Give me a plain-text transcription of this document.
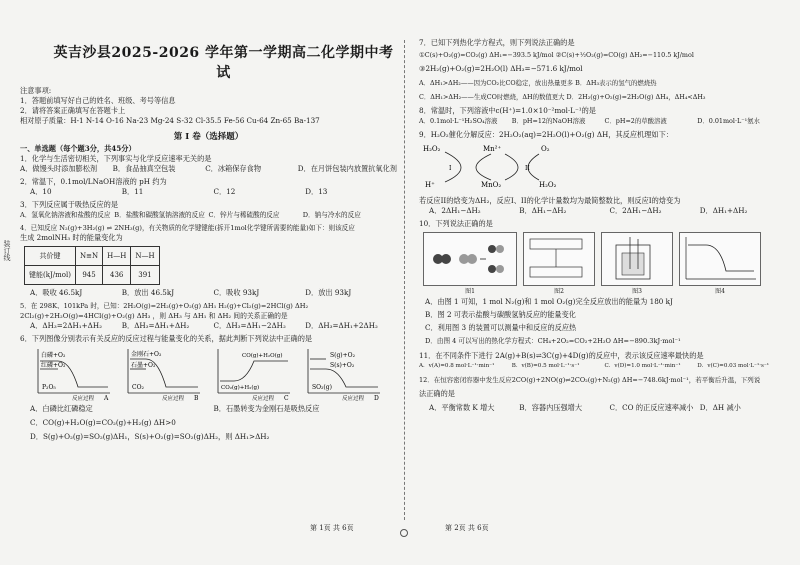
英吉沙县2025-2026 学年第一学期高二化学期中考试
注意事项:
1．答题前填写好自己的姓名、班级、考号等信息
2．请将答案正确填写在答题卡上
相对原子质量：H-1 N-14 O-16 Na-23 Mg-24 S-32 Cl-35.5 Fe-56 Cu-64 Zn-65 Ba-137
第 I 卷（选择题）
一、单选题（每个题3分，共45分）
1．化学与生活密切相关，下列事实与化学反应速率无关的是
A．做馒头时添加膨松剂	B．食品抽真空包装	C．冰箱保存食物	D．在月饼包装内放置抗氧化剂
2．常温下，0.1mol/LNaOH溶液的 pH 约为
A．10	B．11	C．12	D．13
3．下列反应属于吸热反应的是
A．氢氧化钠溶液和盐酸的反应 B．盐酸和碳酸氢钠溶液的反应 C．锌片与稀硫酸的反应	D．钠与冷水的反应
4．已知反应 N₂(g)+3H₂(g) ⇌ 2NH₃(g)，有关物质的化学键键能(拆开1mol化学键所需要的能量)如下：则该反应
生成 2molNH₃ 时的能量变化为
共价键	N≡N	H—H	N—H
键能(kJ/mol)	945	436	391
A．吸收 46.5kJ	B．放出 46.5kJ	C．吸收 93kJ	D．放出 93kJ
5．在 298K、101kPa 时，已知：2H₂O(g)=2H₂(g)+O₂(g) ΔH₁ H₂(g)+Cl₂(g)=2HCl(g) ΔH₂
2Cl₂(g)+2H₂O(g)=4HCl(g)+O₂(g) ΔH₃ ，则 ΔH₃ 与 ΔH₁ 和 ΔH₂ 间的关系正确的是
A．ΔH₃=2ΔH₁+ΔH₂	B．ΔH₃=ΔH₁+ΔH₂	C．ΔH₃=ΔH₁−2ΔH₂	D．ΔH₃=ΔH₁+2ΔH₂
6．下列图像分别表示有关反应的反应过程与能量变化的关系，据此判断下列说法中正确的是
白磷+O₂
红磷+O₂
P₂O₅
反应过程 A
金刚石+O₂
石墨+O₂
CO₂
反应过程 B
CO(g)+H₂O(g)
CO₂(g)+H₂(g)
反应过程 C
S(g)+O₂
S(s)+O₂
SO₂(g)
反应过程 D
A．白磷比红磷稳定	B．石墨转变为金刚石是吸热反应
C．CO(g)+H₂O(g)=CO₂(g)+H₂(g) ΔH>0
D．S(g)+O₂(g)=SO₂(g)ΔH₁，S(s)+O₂(g)=SO₂(g)ΔH₂，则 ΔH₁>ΔH₂
第 1页 共 6页
装订线
7．已知下列热化学方程式，则下列说法正确的是
①C(s)+O₂(g)=CO₂(g) ΔH₁=−393.5 kJ/mol ②C(s)+½O₂(g)=CO(g) ΔH₂=−110.5 kJ/mol
③2H₂(g)+O₂(g)=2H₂O(l) ΔH₃=−571.6 kJ/mol
A．ΔH₁>ΔH₂——因为CO₂比CO稳定，放出热量更多 B．ΔH₃表示的氢气的燃烧热
C．ΔH₁>ΔH₂——生成CO时燃烧，ΔH的数值更大 D．2H₂(g)+O₂(g)=2H₂O(g) ΔH₄，ΔH₄<ΔH₃
8．常温时，下列溶液中c(H⁺)=1.0×10⁻²mol·L⁻¹的是
A．0.1mol·L⁻¹H₂SO₄溶液	B．pH=12的NaOH溶液	C．pH=2的草酸溶液	D．0.01mol·L⁻¹氨水
9．H₂O₂催化分解反应：2H₂O₂(aq)=2H₂O(l)+O₂(g) ΔH，其反应机理如下：
H₂O₂	Mn²⁺	O₂
H⁺	MnO₂	H₂O₂
I	II
若反应II的焓变为ΔH₂，反应I、II的化学计量数均为最简整数比，则反应I的焓变为
A．2ΔH₁−ΔH₂	B．ΔH₁−ΔH₂	C．2ΔH₁−ΔH₂	D．ΔH₁+ΔH₂
10．下列说法正确的是
图1	图2	图3	图4
A．由图 1 可知，1 mol N₂(g)和 1 mol O₂(g)完全反应放出的能量为 180 kJ
B．图 2 可表示盐酸与碳酸氢钠反应的能量变化
C．利用图 3 的装置可以测量中和反应的反应热
D．由图 4 可以写出的热化学方程式：CH₄+2O₂=CO₂+2H₂O ΔH=−890.3kJ·mol⁻¹
11．在不同条件下进行 2A(g)+B(s)⇌3C(g)+4D(g)的反应中，表示该反应速率最快的是
A．v(A)=0.8 mol·L⁻¹·min⁻¹	B．v(B)=0.5 mol·L⁻¹·s⁻¹	C．v(D)=1.0 mol·L⁻¹·min⁻¹	D．v(C)=0.03 mol·L⁻¹·s⁻¹
12．在恒容密闭容器中发生反应2CO(g)+2NO(g)⇌2CO₂(g)+N₂(g) ΔH=−748.6kJ·mol⁻¹，若平衡后升温，下列说
法正确的是
A．平衡常数 K 增大	B．容器内压强增大	C．CO 的正反应速率减小 D．ΔH 减小
第 2页 共 6页
